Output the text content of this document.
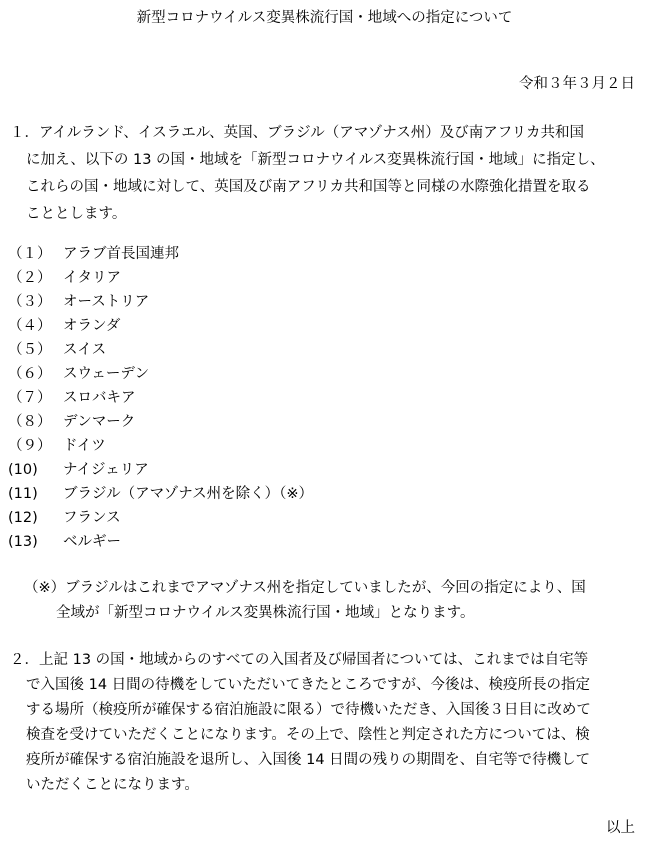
新型コロナウイルス変異株流行国・地域への指定について
令和３年３月２日
１．アイルランド、イスラエル、英国、ブラジル（アマゾナス州）及び南アフリカ共和国
に加え、以下の 13 の国・地域を「新型コロナウイルス変異株流行国・地域」に指定し、
これらの国・地域に対して、英国及び南アフリカ共和国等と同様の水際強化措置を取る
こととします。
（１） アラブ首長国連邦
（２） イタリア
（３） オーストリア
（４） オランダ
（５） スイス
（６） スウェーデン
（７） スロバキア
（８） デンマーク
（９） ドイツ
(10)	ナイジェリア
(11)	ブラジル（アマゾナス州を除く）（※）
(12)	フランス
(13)	ベルギー
（※）ブラジルはこれまでアマゾナス州を指定していましたが、今回の指定により、国
全域が「新型コロナウイルス変異株流行国・地域」となります。
２．上記 13 の国・地域からのすべての入国者及び帰国者については、これまでは自宅等
で入国後 14 日間の待機をしていただいてきたところですが、今後は、検疫所長の指定
する場所（検疫所が確保する宿泊施設に限る）で待機いただき、入国後３日目に改めて
検査を受けていただくことになります。その上で、陰性と判定された方については、検
疫所が確保する宿泊施設を退所し、入国後 14 日間の残りの期間を、自宅等で待機して
いただくことになります。
以上
